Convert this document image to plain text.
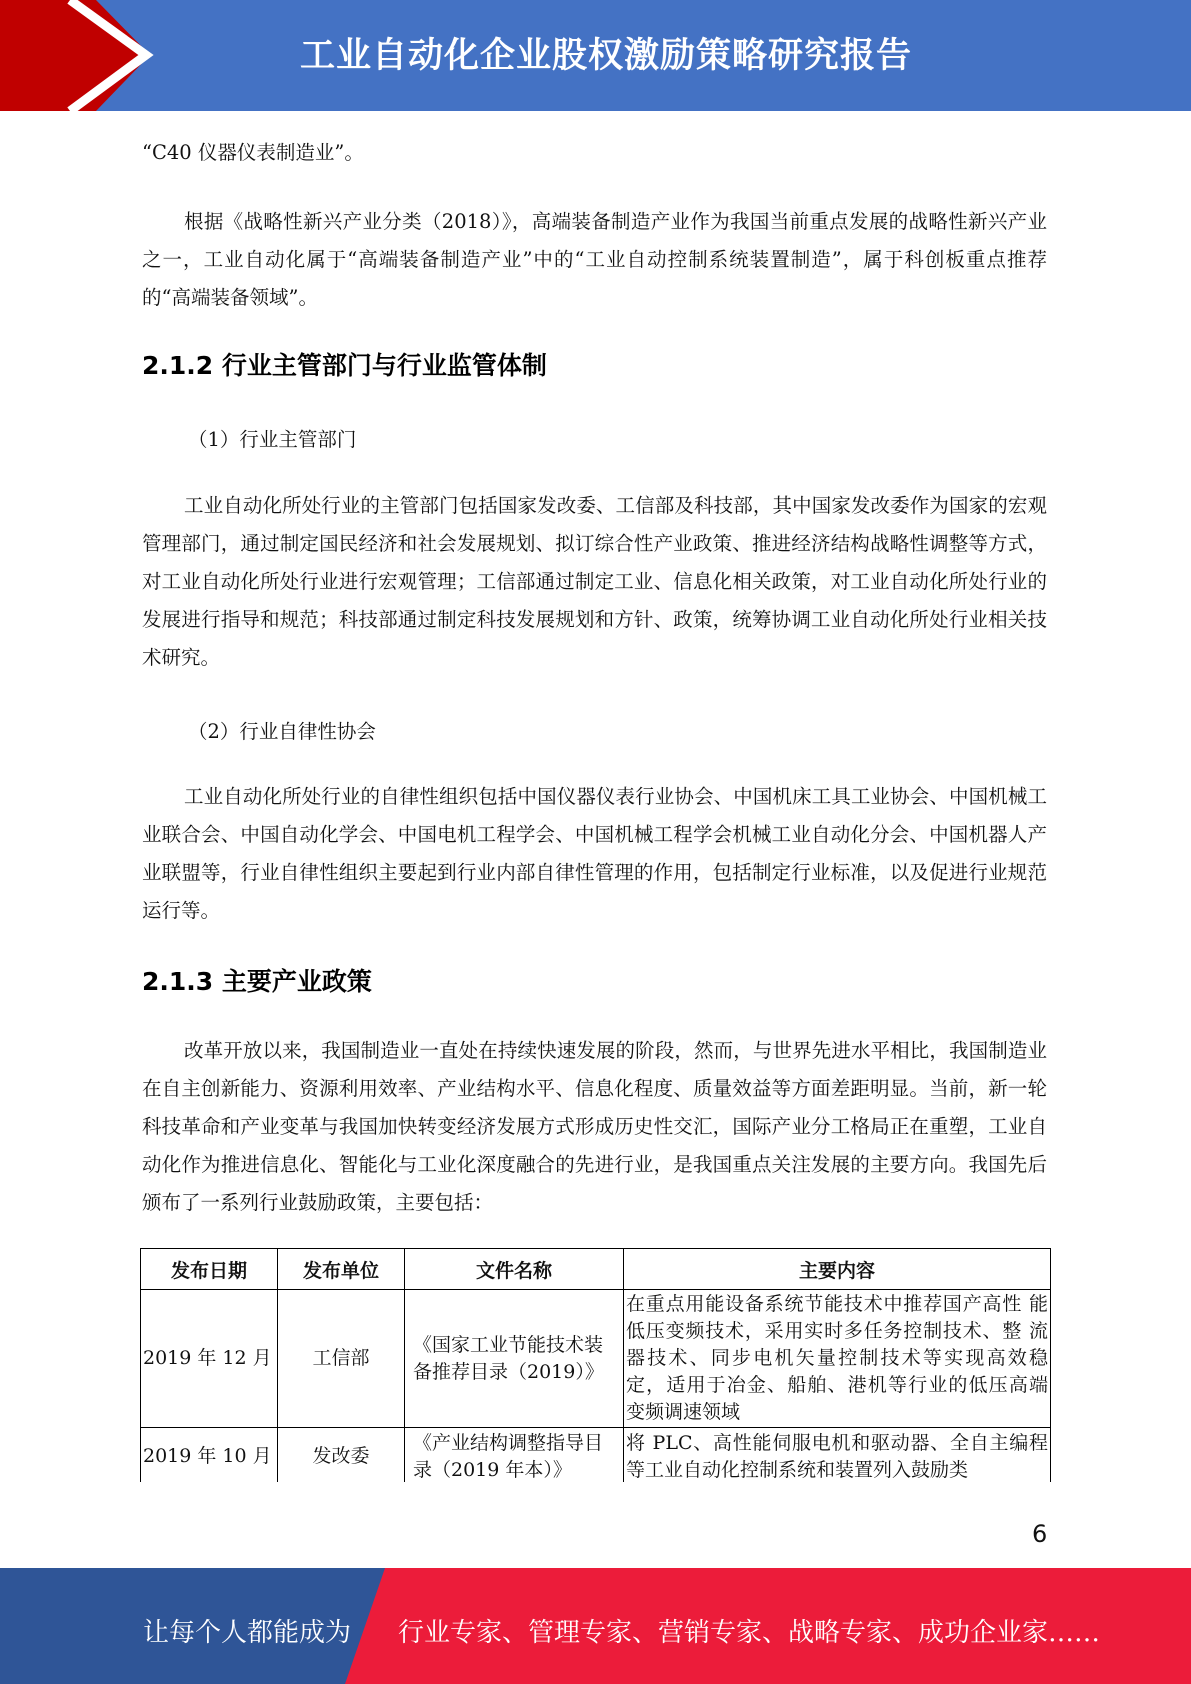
工业自动化企业股权激励策略研究报告

“C40 仪器仪表制造业”。

根据《战略性新兴产业分类（2018）》，高端装备制造产业作为我国当前重点发展的战略性新兴产业之一，工业自动化属于“高端装备制造产业”中的“工业自动控制系统装置制造”，属于科创板重点推荐的“高端装备领域”。

2.1.2 行业主管部门与行业监管体制
（1）行业主管部门

工业自动化所处行业的主管部门包括国家发改委、工信部及科技部，其中国家发改委作为国家的宏观管理部门，通过制定国民经济和社会发展规划、拟订综合性产业政策、推进经济结构战略性调整等方式，对工业自动化所处行业进行宏观管理；工信部通过制定工业、信息化相关政策，对工业自动化所处行业的发展进行指导和规范；科技部通过制定科技发展规划和方针、政策，统筹协调工业自动化所处行业相关技术研究。

（2）行业自律性协会

工业自动化所处行业的自律性组织包括中国仪器仪表行业协会、中国机床工具工业协会、中国机械工业联合会、中国自动化学会、中国电机工程学会、中国机械工程学会机械工业自动化分会、中国机器人产业联盟等，行业自律性组织主要起到行业内部自律性管理的作用，包括制定行业标准，以及促进行业规范运行等。

2.1.3 主要产业政策

改革开放以来，我国制造业一直处在持续快速发展的阶段，然而，与世界先进水平相比，我国制造业在自主创新能力、资源利用效率、产业结构水平、信息化程度、质量效益等方面差距明显。当前，新一轮科技革命和产业变革与我国加快转变经济发展方式形成历史性交汇，国际产业分工格局正在重塑，工业自动化作为推进信息化、智能化与工业化深度融合的先进行业，是我国重点关注发展的主要方向。我国先后颁布了一系列行业鼓励政策，主要包括：

发布日期	发布单位	文件名称	主要内容
2019 年 12 月	工信部	《国家工业节能技术装备推荐目录（2019）》	在重点用能设备系统节能技术中推荐国产高性 能低压变频技术，采用实时多任务控制技术、整 流器技术、同步电机矢量控制技术等实现高效稳 定，适用于冶金、船舶、港机等行业的低压高端 变频调速领域
2019 年 10 月	发改委	《产业结构调整指导目录（2019 年本）》	将 PLC、高性能伺服电机和驱动器、全自主编程等工业自动化控制系统和装置列入鼓励类
6
让每个人都能成为 行业专家、管理专家、营销专家、战略专家、成功企业家……
